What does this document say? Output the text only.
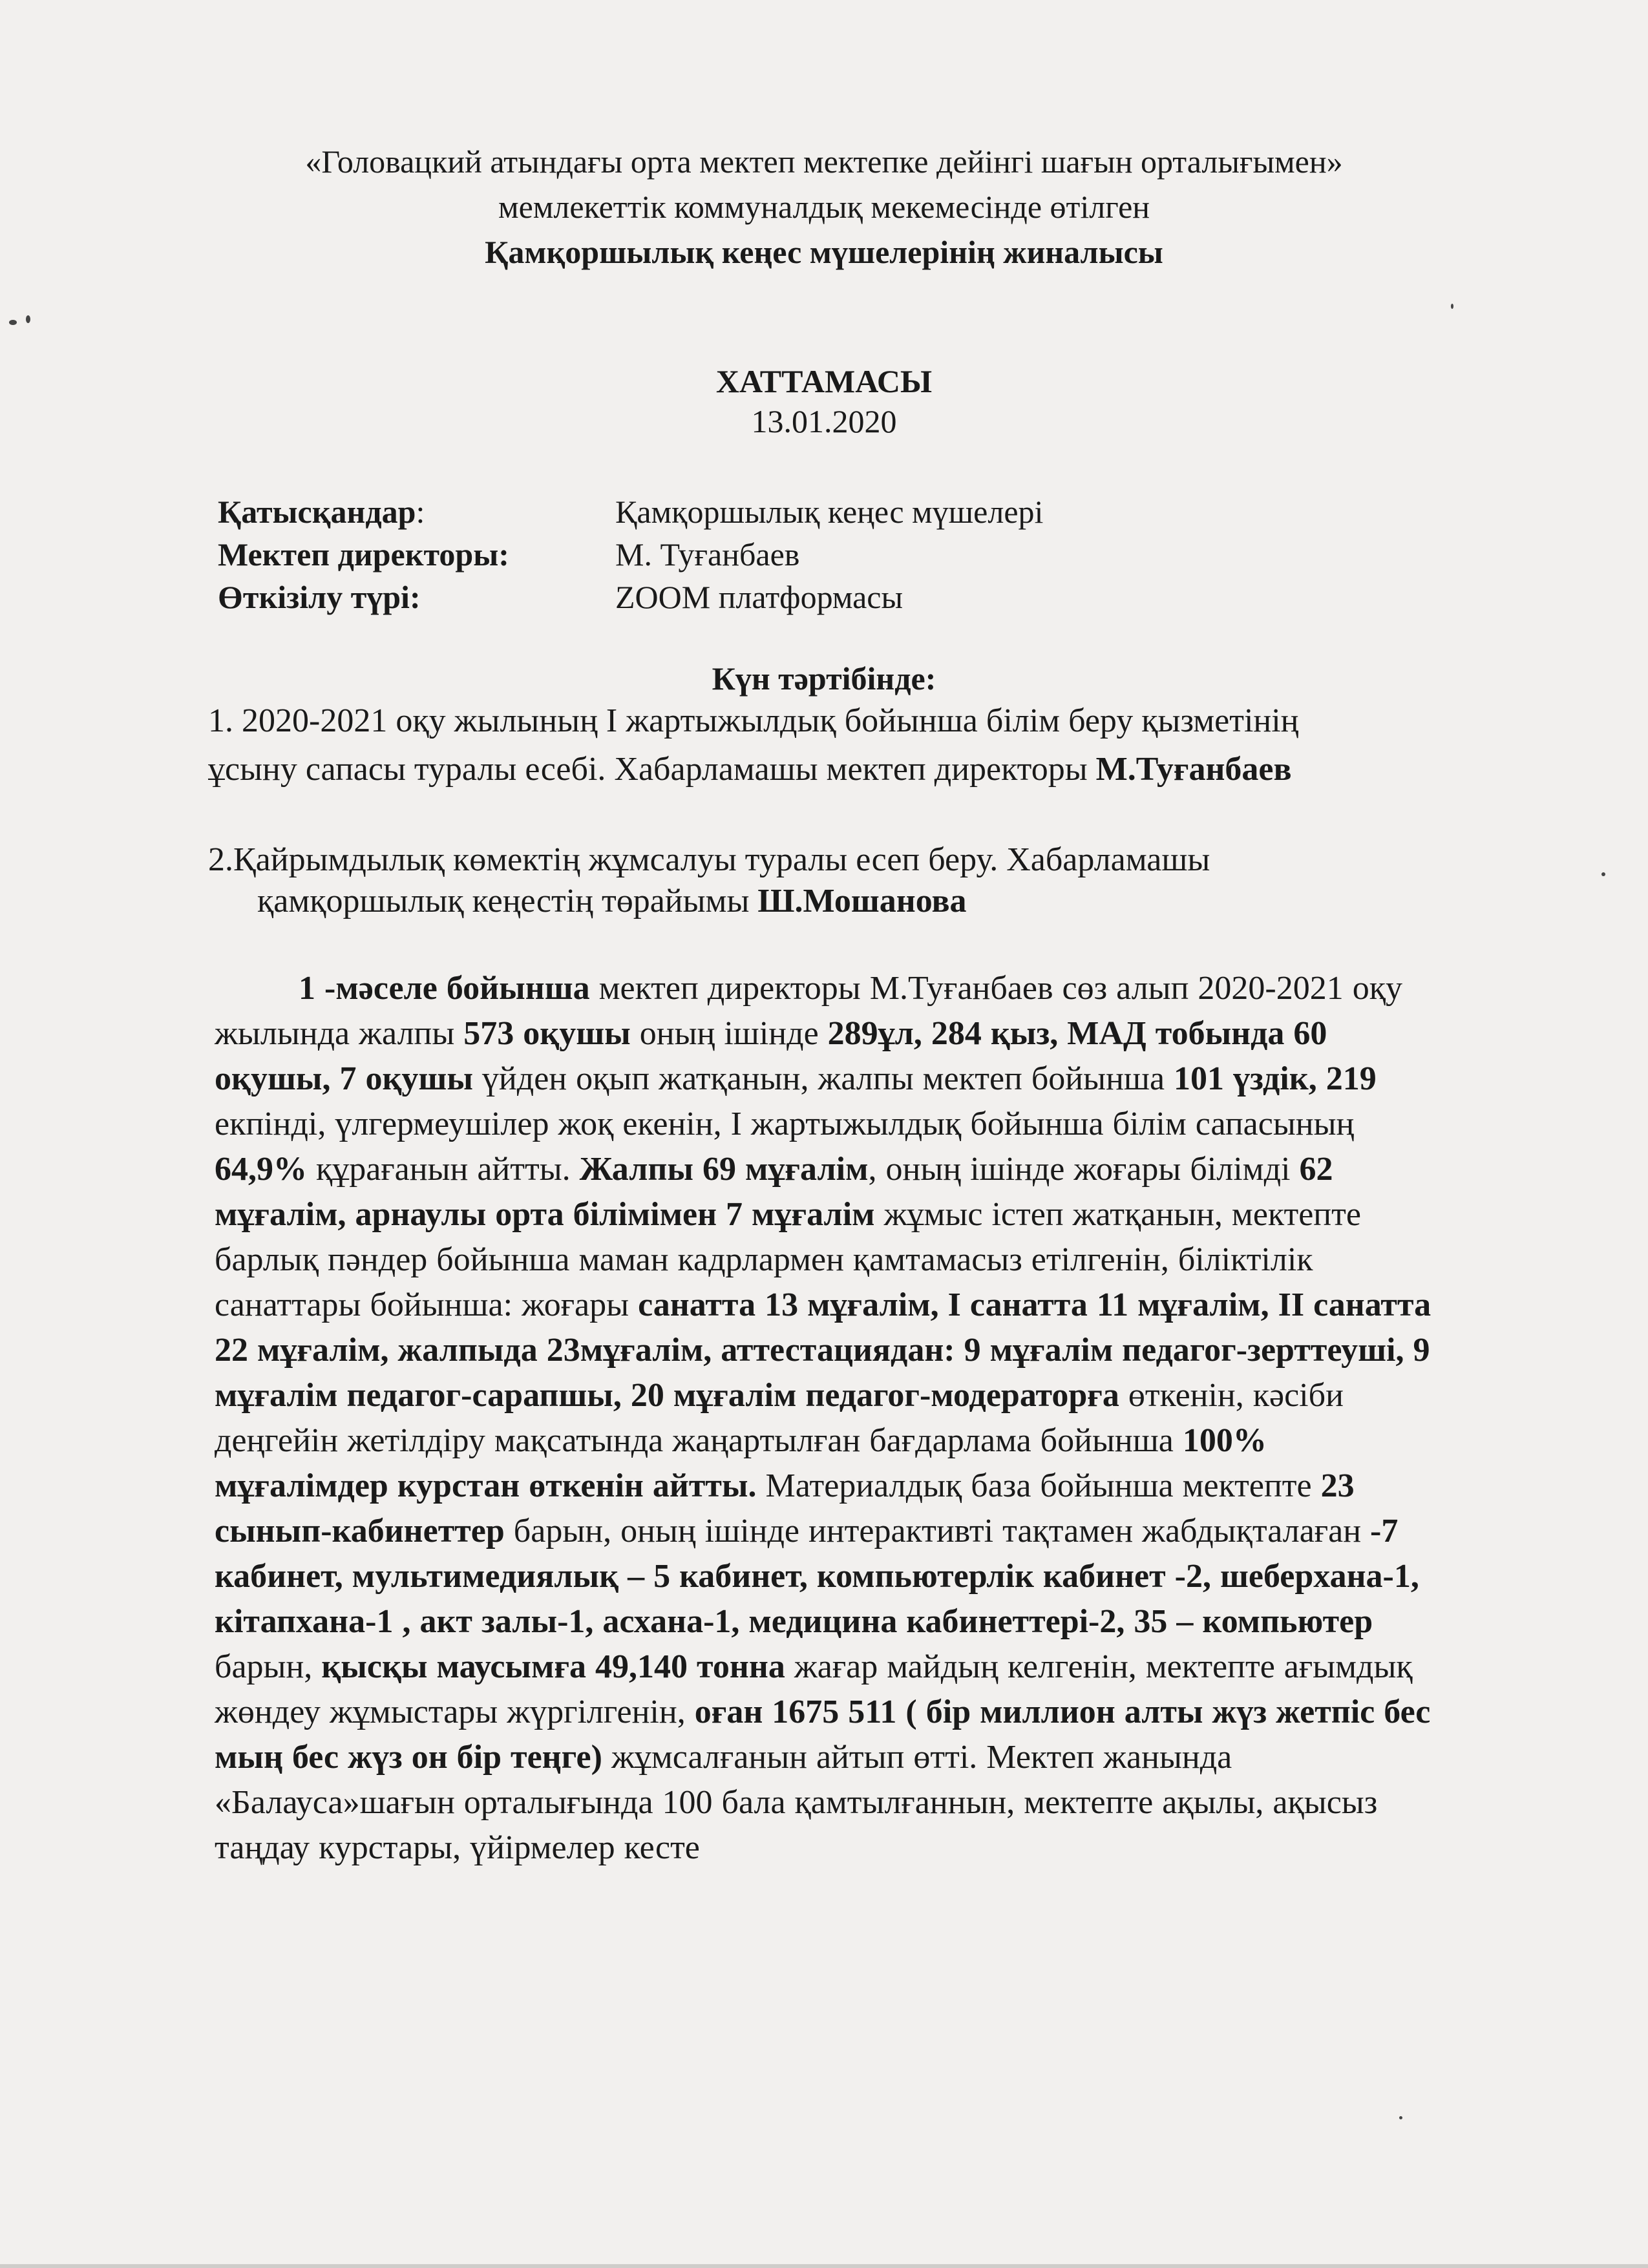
«Головацкий атындағы орта мектеп мектепке дейінгі шағын орталығымен»
мемлекеттік коммуналдық мекемесінде өтілген
Қамқоршылық кеңес мүшелерінің жиналысы
ХАТТАМАСЫ
13.01.2020
Қатысқандар:	Қамқоршылық кеңес мүшелері
Мектеп директоры:	М. Туғанбаев
Өткізілу түрі:	ZOOM платформасы
Күн тәртібінде:
1. 2020-2021 оқу жылының І жартыжылдық бойынша білім беру қызметінің
ұсыну сапасы туралы есебі. Хабарламашы мектеп директоры М.Туғанбаев
2.Қайрымдылық көмектің жұмсалуы туралы есеп беру. Хабарламашы
қамқоршылық кеңестің төрайымы Ш.Мошанова
1 -мәселе бойынша мектеп директоры М.Туғанбаев сөз алып 2020-2021 оқу жылында жалпы 573 оқушы оның ішінде 289ұл, 284 қыз, МАД тобында 60 оқушы, 7 оқушы үйден оқып жатқанын, жалпы мектеп бойынша 101 үздік, 219 екпінді, үлгермеушілер жоқ екенін, І жартыжылдық бойынша білім сапасының 64,9% құрағанын айтты. Жалпы 69 мұғалім, оның ішінде жоғары білімді 62 мұғалім, арнаулы орта білімімен 7 мұғалім жұмыс істеп жатқанын, мектепте барлық пәндер бойынша маман кадрлармен қамтамасыз етілгенін, біліктілік санаттары бойынша: жоғары санатта 13 мұғалім, І санатта 11 мұғалім, ІІ санатта 22 мұғалім, жалпыда 23мұғалім, аттестациядан: 9 мұғалім педагог-зерттеуші, 9 мұғалім педагог-сарапшы, 20 мұғалім педагог-модераторға өткенін, кәсіби деңгейін жетілдіру мақсатында жаңартылған бағдарлама бойынша 100% мұғалімдер курстан өткенін айтты. Материалдық база бойынша мектепте 23 сынып-кабинеттер барын, оның ішінде интерактивті тақтамен жабдықталаған -7 кабинет, мультимедиялық – 5 кабинет, компьютерлік кабинет -2, шеберхана-1, кітапхана-1 , акт залы-1, асхана-1, медицина кабинеттері-2, 35 – компьютер барын, қысқы маусымға 49,140 тонна жағар майдың келгенін, мектепте ағымдық жөндеу жұмыстары жүргілгенін, оған 1675 511 ( бір миллион алты жүз жетпіс бес мың бес жүз он бір теңге) жұмсалғанын айтып өтті. Мектеп жанында «Балауса»шағын орталығында 100 бала қамтылғаннын, мектепте ақылы, ақысыз таңдау курстары, үйірмелер кесте
